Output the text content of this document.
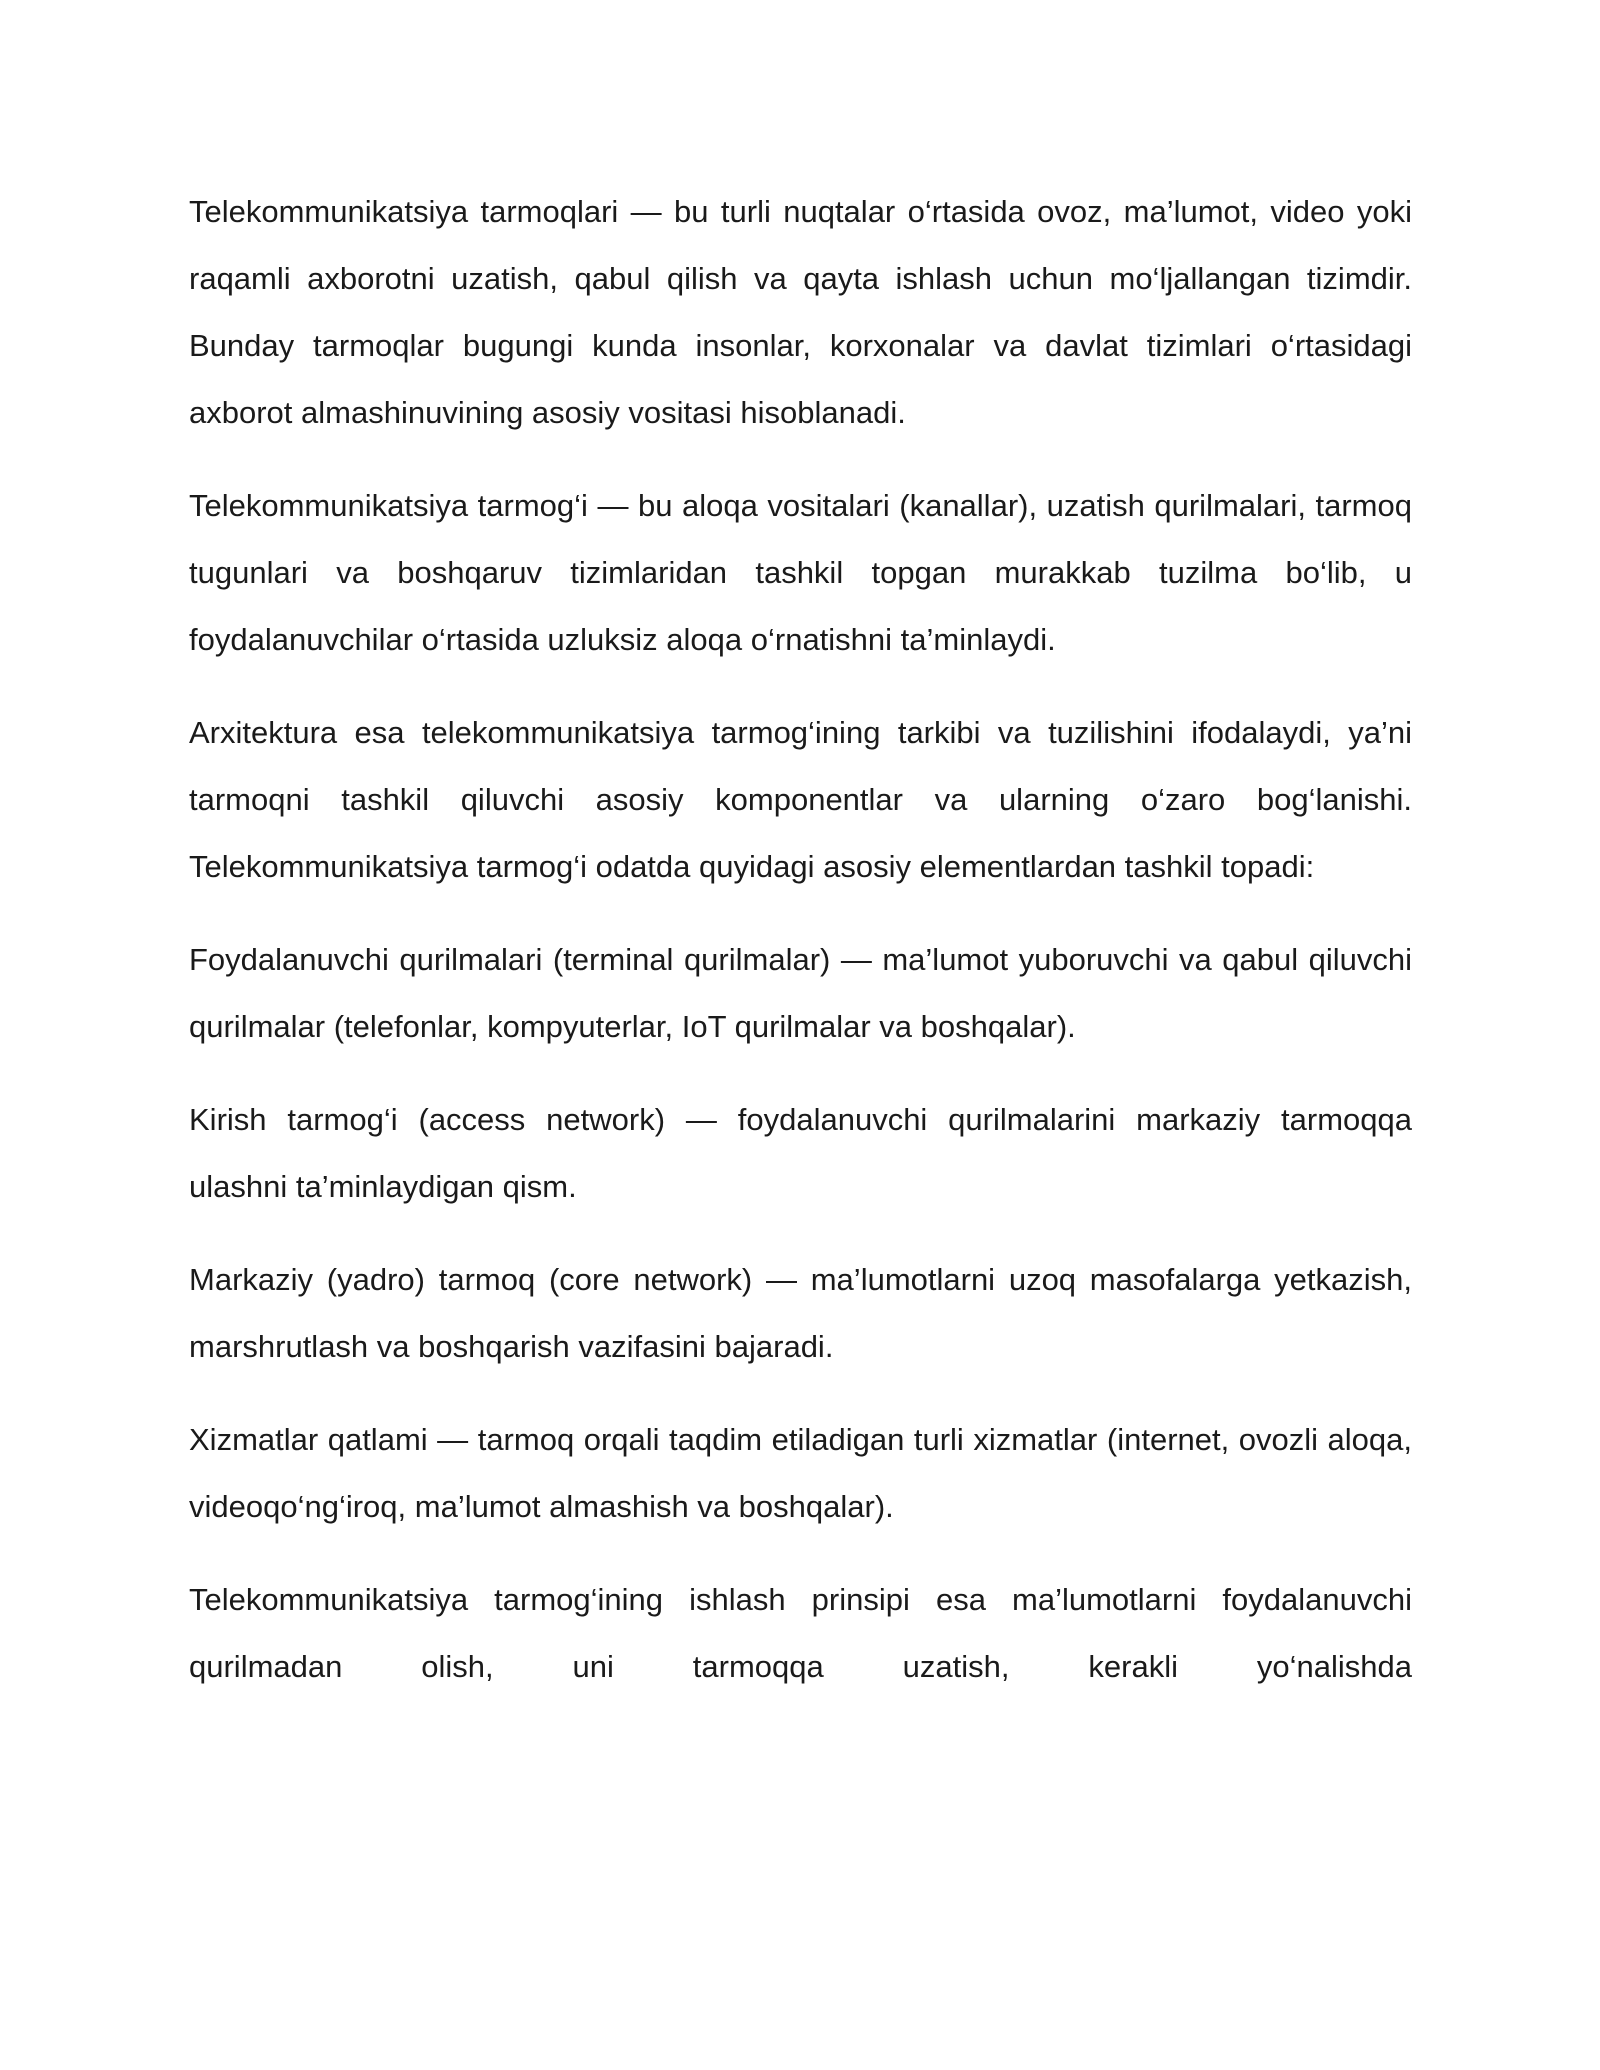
Telekommunikatsiya tarmoqlari — bu turli nuqtalar o‘rtasida ovoz, ma’lumot, video yoki raqamli axborotni uzatish, qabul qilish va qayta ishlash uchun mo‘ljallangan tizimdir. Bunday tarmoqlar bugungi kunda insonlar, korxonalar va davlat tizimlari o‘rtasidagi axborot almashinuvining asosiy vositasi hisoblanadi.

Telekommunikatsiya tarmog‘i — bu aloqa vositalari (kanallar), uzatish qurilmalari, tarmoq tugunlari va boshqaruv tizimlaridan tashkil topgan murakkab tuzilma bo‘lib, u foydalanuvchilar o‘rtasida uzluksiz aloqa o‘rnatishni ta’minlaydi.

Arxitektura esa telekommunikatsiya tarmog‘ining tarkibi va tuzilishini ifodalaydi, ya’ni tarmoqni tashkil qiluvchi asosiy komponentlar va ularning o‘zaro bog‘lanishi. Telekommunikatsiya tarmog‘i odatda quyidagi asosiy elementlardan tashkil topadi:

Foydalanuvchi qurilmalari (terminal qurilmalar) — ma’lumot yuboruvchi va qabul qiluvchi qurilmalar (telefonlar, kompyuterlar, IoT qurilmalar va boshqalar).

Kirish tarmog‘i (access network) — foydalanuvchi qurilmalarini markaziy tarmoqqa ulashni ta’minlaydigan qism.

Markaziy (yadro) tarmoq (core network) — ma’lumotlarni uzoq masofalarga yetkazish, marshrutlash va boshqarish vazifasini bajaradi.

Xizmatlar qatlami — tarmoq orqali taqdim etiladigan turli xizmatlar (internet, ovozli aloqa, videoqo‘ng‘iroq, ma’lumot almashish va boshqalar).

Telekommunikatsiya tarmog‘ining ishlash prinsipi esa ma’lumotlarni foydalanuvchi qurilmadan olish, uni tarmoqqa uzatish, kerakli yo‘nalishda
